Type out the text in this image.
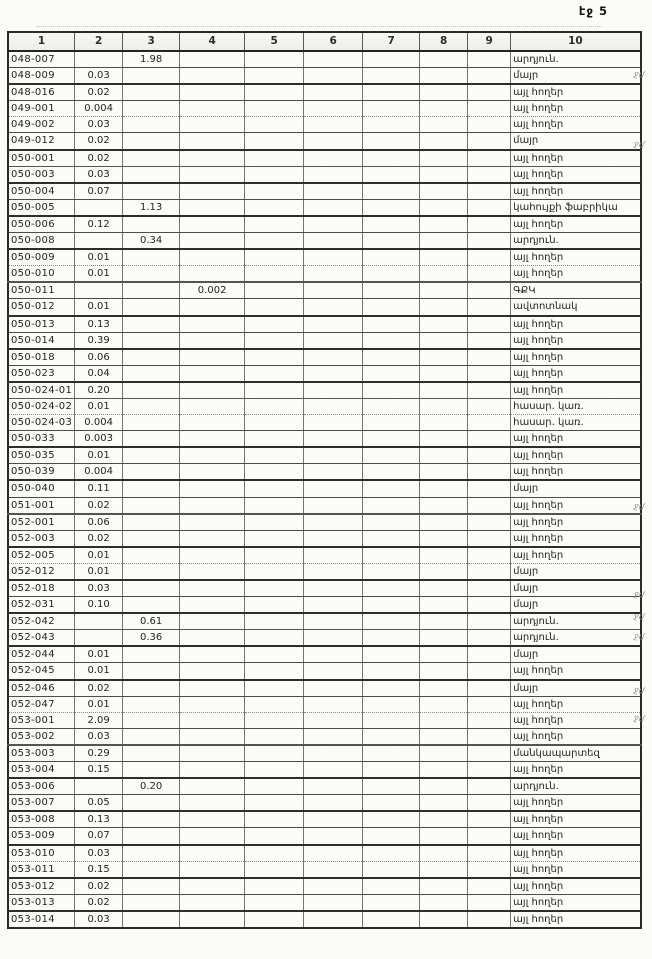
էջ 5
1	2	3	4	5	6	7	8	9	10
048-007		1.98							արդյուն.
048-009	0.03								մայր
048-016	0.02								այլ հողեր
049-001	0.004								այլ հողեր
049-002	0.03								այլ հողեր
049-012	0.02								մայր
050-001	0.02								այլ հողեր
050-003	0.03								այլ հողեր
050-004	0.07								այլ հողեր
050-005		1.13							կահույքի ֆաբրիկա
050-006	0.12								այլ հողեր
050-008		0.34							արդյուն.
050-009	0.01								այլ հողեր
050-010	0.01								այլ հողեր
050-011			0.002						ԳՔԿ
050-012	0.01								ավտոտնակ
050-013	0.13								այլ հողեր
050-014	0.39								այլ հողեր
050-018	0.06								այլ հողեր
050-023	0.04								այլ հողեր
050-024-01	0.20								այլ հողեր
050-024-02	0.01								հասար. կառ.
050-024-03	0.004								հասար. կառ.
050-033	0.003								այլ հողեր
050-035	0.01								այլ հողեր
050-039	0.004								այլ հողեր
050-040	0.11								մայր
051-001	0.02								այլ հողեր
052-001	0.06								այլ հողեր
052-003	0.02								այլ հողեր
052-005	0.01								այլ հողեր
052-012	0.01								մայր
052-018	0.03								մայր
052-031	0.10								մայր
052-042		0.61							արդյուն.
052-043		0.36							արդյուն.
052-044	0.01								մայր
052-045	0.01								այլ հողեր
052-046	0.02								մայր
052-047	0.01								այլ հողեր
053-001	2.09								այլ հողեր
053-002	0.03								այլ հողեր
053-003	0.29								մանկապարտեզ
053-004	0.15								այլ հողեր
053-006		0.20							արդյուն.
053-007	0.05								այլ հողեր
053-008	0.13								այլ հողեր
053-009	0.07								այլ հողեր
053-010	0.03								այլ հողեր
053-011	0.15								այլ հողեր
053-012	0.02								այլ հողեր
053-013	0.02								այլ հողեր
053-014	0.03								այլ հողեր
ջմ
ջմ
ջմ
ջմ
ջմ
ջմ
ջմ
ջմ
